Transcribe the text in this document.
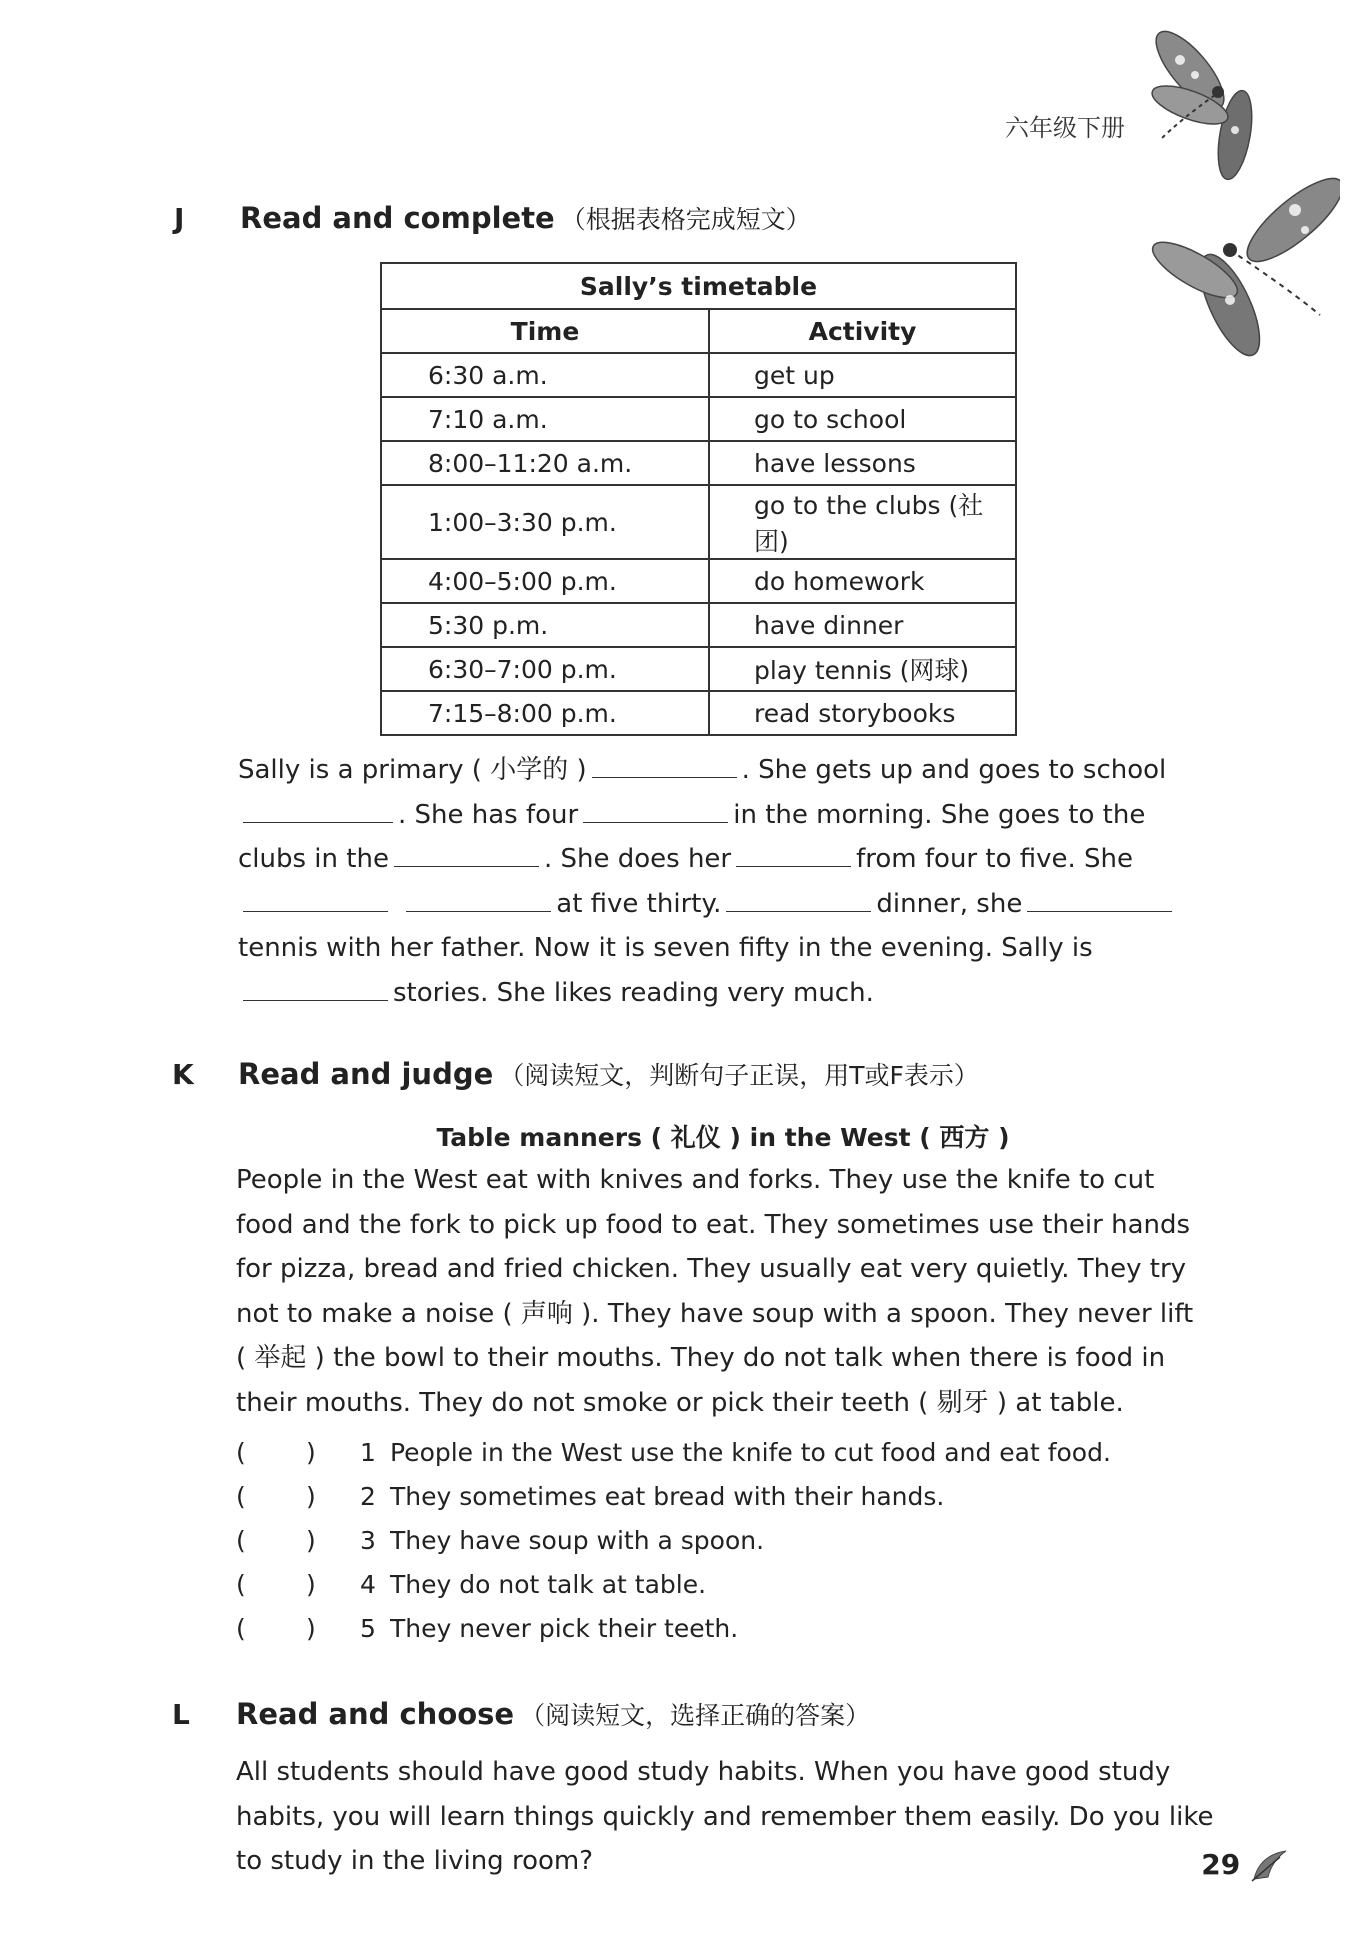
六年级下册
J Read and complete （根据表格完成短文）
Sally’s timetable	
Time	Activity
6:30 a.m.	get up
7:10 a.m.	go to school
8:00–11:20 a.m.	have lessons
1:00–3:30 p.m.	go to the clubs (社团)
4:00–5:00 p.m.	do homework
5:30 p.m.	have dinner
6:30–7:00 p.m.	play tennis (网球)
7:15–8:00 p.m.	read storybooks
Sally is a primary ( 小学的 )	. She gets up and goes to school . She has four	in the morning. She goes to the clubs in the	. She does her	from four to five. She at five thirty.	dinner, shetennis with her father. Now it is seven fifty in the evening. Sally isstories. She likes reading very much.
K Read and judge （阅读短文，判断句子正误，用T或F表示）
Table manners ( 礼仪 ) in the West ( 西方 )
People in the West eat with knives and forks. They use the knife to cut food and the fork to pick up food to eat. They sometimes use their hands for pizza, bread and fried chicken. They usually eat very quietly. They try not to make a noise ( 声响 ). They have soup with a spoon. They never lift ( 举起 ) the bowl to their mouths. They do not talk when there is food in their mouths. They do not smoke or pick their teeth ( 剔牙 ) at table.
( ) 1 People in the West use the knife to cut food and eat food.
( ) 2 They sometimes eat bread with their hands.
( ) 3 They have soup with a spoon.
( ) 4 They do not talk at table.
( ) 5 They never pick their teeth.
L Read and choose （阅读短文，选择正确的答案）
All students should have good study habits. When you have good study habits, you will learn things quickly and remember them easily. Do you like to study in the living room?	29
